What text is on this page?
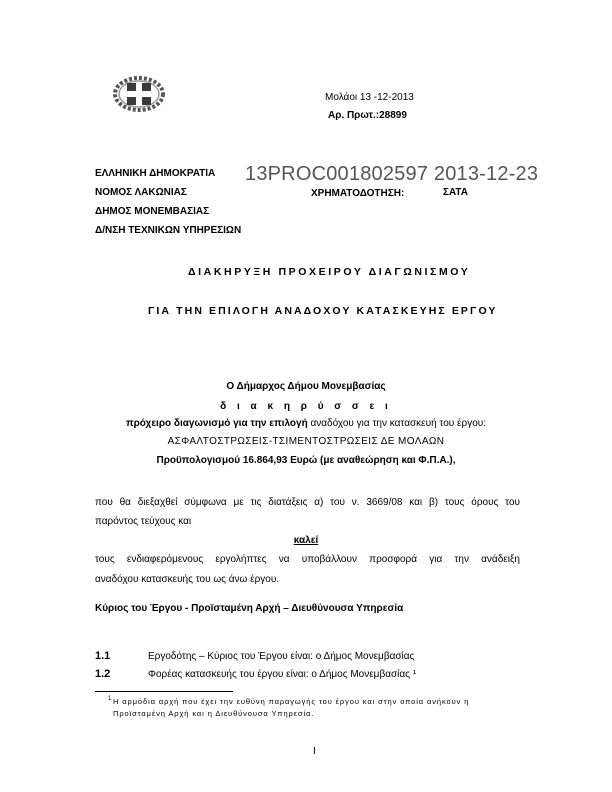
Μολάοι 13 -12-2013
Αρ. Πρωτ.:28899
ΕΛΛΗΝΙΚΗ ΔΗΜΟΚΡΑΤΙΑ
ΝΟΜΟΣ ΛΑΚΩΝΙΑΣ
ΔΗΜΟΣ ΜΟΝΕΜΒΑΣΙΑΣ
Δ/ΝΣΗ ΤΕΧΝΙΚΩΝ ΥΠΗΡΕΣΙΩΝ
13PROC001802597 2013-12-23
ΧΡΗΜΑΤΟΔΟΤΗΣΗ:	ΣΑΤΑ
ΔΙΑΚΗΡΥΞΗ ΠΡΟΧΕΙΡΟΥ ΔΙΑΓΩΝΙΣΜΟΥ
ΓΙΑ ΤΗΝ ΕΠΙΛΟΓΗ ΑΝΑΔΟΧΟΥ ΚΑΤΑΣΚΕΥΗΣ ΕΡΓΟΥ
Ο Δήμαρχος Δήμου Μονεμβασίας
δ ι α κ η ρ ύ σ σ ε ι
πρόχειρο διαγωνισμό για την επιλογή αναδόχου για την κατασκευή του έργου:
ΑΣΦΑΛΤΟΣΤΡΩΣΕΙΣ-ΤΣΙΜΕΝΤΟΣΤΡΩΣΕΙΣ ΔΕ ΜΟΛΑΩΝ
Προϋπολογισμού 16.864,93 Ευρώ (με αναθεώρηση και Φ.Π.Α.),
που θα διεξαχθεί σύμφωνα με τις διατάξεις α) του ν. 3669/08 και β) τους όρους του
παρόντος τεύχους και
καλεί
τους ενδιαφερόμενους εργολήπτες να υποβάλλουν προσφορά για την ανάδειξη
αναδόχου κατασκευής του ως άνω έργου.
Κύριος του Έργου - Προϊσταμένη Αρχή – Διευθύνουσα Υπηρεσία
1.1	Εργοδότης – Κύριος του Έργου είναι: ο Δήμος Μονεμβασίας
1.2	Φορέας κατασκευής του έργου είναι: ο Δήμος Μονεμβασίας ¹
1 Η αρμόδια αρχή που έχει την ευθύνη παραγωγής του έργου και στην οποία ανήκουν η
Προϊσταμένη Αρχή και η Διευθύνουσα Υπηρεσία.
I
